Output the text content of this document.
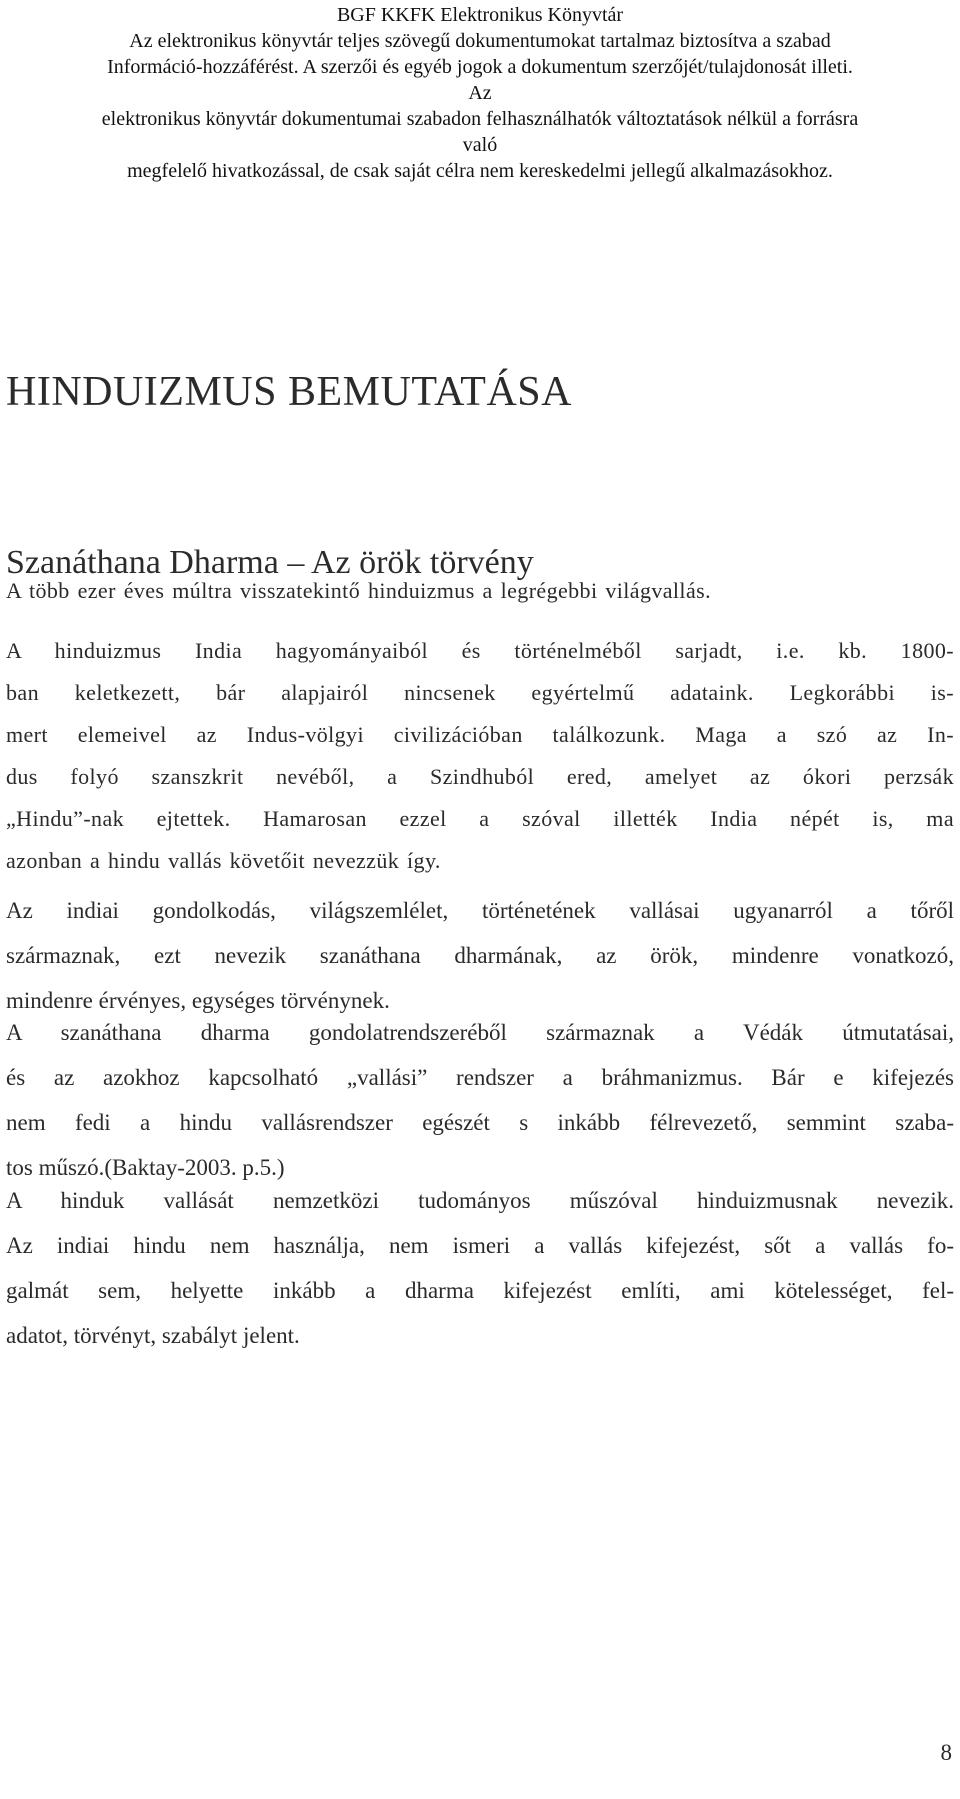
BGF KKFK Elektronikus Könyvtár
Az elektronikus könyvtár teljes szövegű dokumentumokat tartalmaz biztosítva a szabad
Információ-hozzáférést. A szerzői és egyéb jogok a dokumentum szerzőjét/tulajdonosát illeti.
Az
elektronikus könyvtár dokumentumai szabadon felhasználhatók változtatások nélkül a forrásra
való
megfelelő hivatkozással, de csak saját célra nem kereskedelmi jellegű alkalmazásokhoz.
HINDUIZMUS BEMUTATÁSA
Szanáthana Dharma – Az örök törvény
A több ezer éves múltra visszatekintő hinduizmus a legrégebbi világvallás.
A hinduizmus India hagyományaiból és történelméből sarjadt, i.e. kb. 1800-
ban keletkezett, bár alapjairól nincsenek egyértelmű adataink. Legkorábbi is-
mert elemeivel az Indus-völgyi civilizációban találkozunk. Maga a szó az In-
dus folyó szanszkrit nevéből, a Szindhuból ered, amelyet az ókori perzsák
„Hindu”-nak ejtettek. Hamarosan ezzel a szóval illették India népét is, ma
azonban a hindu vallás követőit nevezzük így.
Az indiai gondolkodás, világszemlélet, történetének vallásai ugyanarról a tőről
származnak, ezt nevezik szanáthana dharmának, az örök, mindenre vonatkozó,
mindenre érvényes, egységes törvénynek.
A szanáthana dharma gondolatrendszeréből származnak a Védák útmutatásai,
és az azokhoz kapcsolható „vallási” rendszer a bráhmanizmus. Bár e kifejezés
nem fedi a hindu vallásrendszer egészét s inkább félrevezető, semmint szaba-
tos műszó.(Baktay-2003. p.5.)
A hinduk vallását nemzetközi tudományos műszóval hinduizmusnak nevezik.
Az indiai hindu nem használja, nem ismeri a vallás kifejezést, sőt a vallás fo-
galmát sem, helyette inkább a dharma kifejezést említi, ami kötelességet, fel-
adatot, törvényt, szabályt jelent.
8
